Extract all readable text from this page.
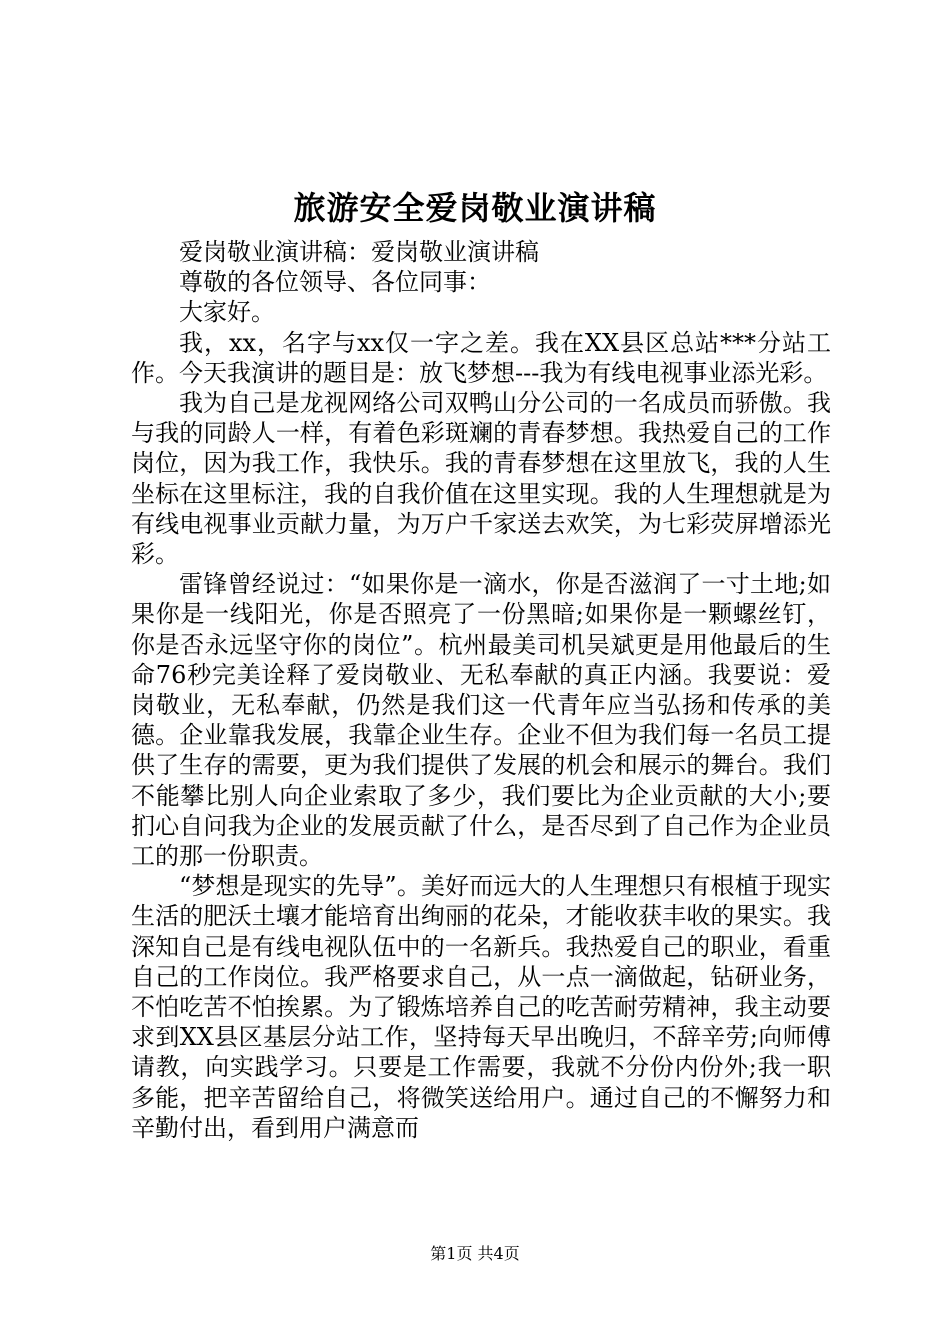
旅游安全爱岗敬业演讲稿

爱岗敬业演讲稿：爱岗敬业演讲稿

尊敬的各位领导、各位同事：

大家好。

我，xx，名字与xx仅一字之差。我在XX县区总站***分站工作。今天我演讲的题目是：放飞梦想---我为有线电视事业添光彩。

我为自己是龙视网络公司双鸭山分公司的一名成员而骄傲。我与我的同龄人一样，有着色彩斑斓的青春梦想。我热爱自己的工作岗位，因为我工作，我快乐。我的青春梦想在这里放飞，我的人生坐标在这里标注，我的自我价值在这里实现。我的人生理想就是为有线电视事业贡献力量，为万户千家送去欢笑，为七彩荧屏增添光彩。

雷锋曾经说过：“如果你是一滴水，你是否滋润了一寸土地;如果你是一线阳光，你是否照亮了一份黑暗;如果你是一颗螺丝钉，你是否永远坚守你的岗位”。杭州最美司机吴斌更是用他最后的生命76秒完美诠释了爱岗敬业、无私奉献的真正内涵。我要说：爱岗敬业，无私奉献，仍然是我们这一代青年应当弘扬和传承的美德。企业靠我发展，我靠企业生存。企业不但为我们每一名员工提供了生存的需要，更为我们提供了发展的机会和展示的舞台。我们不能攀比别人向企业索取了多少，我们要比为企业贡献的大小;要扪心自问我为企业的发展贡献了什么，是否尽到了自己作为企业员工的那一份职责。

“梦想是现实的先导”。美好而远大的人生理想只有根植于现实生活的肥沃土壤才能培育出绚丽的花朵，才能收获丰收的果实。我深知自己是有线电视队伍中的一名新兵。我热爱自己的职业，看重自己的工作岗位。我严格要求自己，从一点一滴做起，钻研业务，不怕吃苦不怕挨累。为了锻炼培养自己的吃苦耐劳精神，我主动要求到XX县区基层分站工作，坚持每天早出晚归，不辞辛劳;向师傅请教，向实践学习。只要是工作需要，我就不分份内份外;我一职多能，把辛苦留给自己，将微笑送给用户。通过自己的不懈努力和辛勤付出，看到用户满意而

第1页 共4页
